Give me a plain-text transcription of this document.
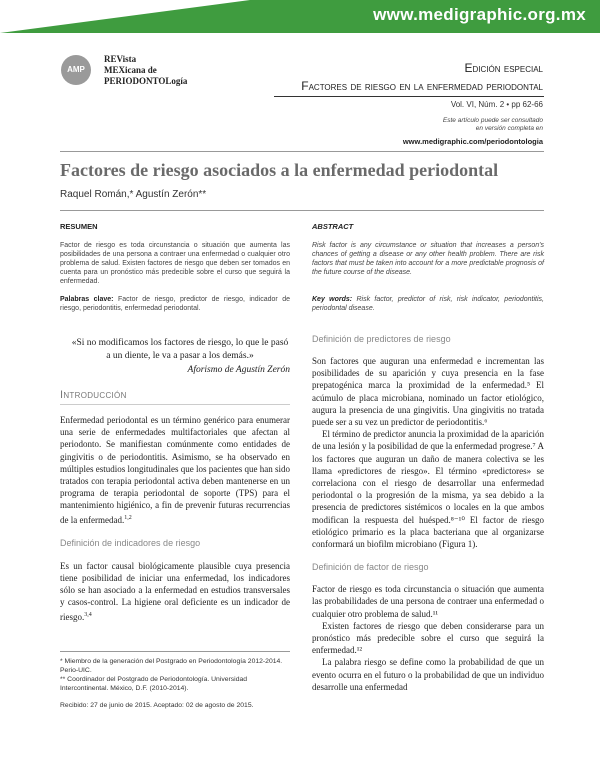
www.medigraphic.org.mx
AMP
REVista
MEXicana de
PERIODONTOLogía
Edición especial
Factores de riesgo en la enfermedad periodontal
Vol. VI, Núm. 2 • pp 62-66
Este artículo puede ser consultado
en versión completa en
www.medigraphic.com/periodontologia
Factores de riesgo asociados a la enfermedad periodontal
Raquel Román,* Agustín Zerón**
RESUMEN
Factor de riesgo es toda circunstancia o situación que aumenta las posibilidades de una persona a contraer una enfermedad o cualquier otro problema de salud. Existen factores de riesgo que deben ser tomados en cuenta para un pronóstico más predecible sobre el curso que seguirá la enfermedad.
Palabras clave: Factor de riesgo, predictor de riesgo, indicador de riesgo, periodontitis, enfermedad periodontal.
ABSTRACT
Risk factor is any circumstance or situation that increases a person's chances of getting a disease or any other health problem. There are risk factors that must be taken into account for a more predictable prognosis of the future course of the disease.
Key words: Risk factor, predictor of risk, risk indicator, periodontitis, periodontal disease.
«Si no modificamos los factores de riesgo, lo que le pasó a un diente, le va a pasar a los demás.»
Aforismo de Agustín Zerón
Introducción

Enfermedad periodontal es un término genérico para enumerar una serie de enfermedades multifactoriales que afectan al periodonto. Se manifiestan comúnmente como entidades de gingivitis o de periodontitis. Asimismo, se ha observado en múltiples estudios longitudinales que los pacientes que han sido tratados con terapia periodontal activa deben mantenerse en un programa de terapia periodontal de soporte (TPS) para el mantenimiento higiénico, a fin de prevenir futuras recurrencias de la enfermedad.$^{1,2}$

Definición de indicadores de riesgo

Es un factor causal biológicamente plausible cuya presencia tiene posibilidad de iniciar una enfermedad, los indicadores sólo se han asociado a la enfermedad en estudios transversales y casos-control. La higiene oral deficiente es un indicador de riesgo.$^{3,4}$

* Miembro de la generación del Postgrado en Periodontología 2012-2014. Perio-UIC.
** Coordinador del Postgrado de Periodontología. Universidad Intercontinental. México, D.F. (2010-2014).
Recibido: 27 de junio de 2015. Aceptado: 02 de agosto de 2015.
Definición de predictores de riesgo

Son factores que auguran una enfermedad e incrementan las posibilidades de su aparición y cuya presencia en la fase prepatogénica marca la proximidad de la enfermedad.⁵ El acúmulo de placa microbiana, nominado un factor etiológico, augura la presencia de una gingivitis. Una gingivitis no tratada puede ser a su vez un predictor de periodontitis.⁶

El término de predictor anuncia la proximidad de la aparición de una lesión y la posibilidad de que la enfermedad progrese.⁷ A los factores que auguran un daño de manera colectiva se les llama «predictores de riesgo». El término «predictores» se correlaciona con el riesgo de desarrollar una enfermedad periodontal o la progresión de la misma, ya sea debido a la presencia de predictores sistémicos o locales en la que ambos modifican la respuesta del huésped.⁸⁻¹⁰ El factor de riesgo etiológico primario es la placa bacteriana que al organizarse conformará un biofilm microbiano (Figura 1).

Definición de factor de riesgo

Factor de riesgo es toda circunstancia o situación que aumenta las probabilidades de una persona de contraer una enfermedad o cualquier otro problema de salud.¹¹

Existen factores de riesgo que deben considerarse para un pronóstico más predecible sobre el curso que seguirá la enfermedad.¹²

La palabra riesgo se define como la probabilidad de que un evento ocurra en el futuro o la probabilidad de que un individuo desarrolle una enfermedad
